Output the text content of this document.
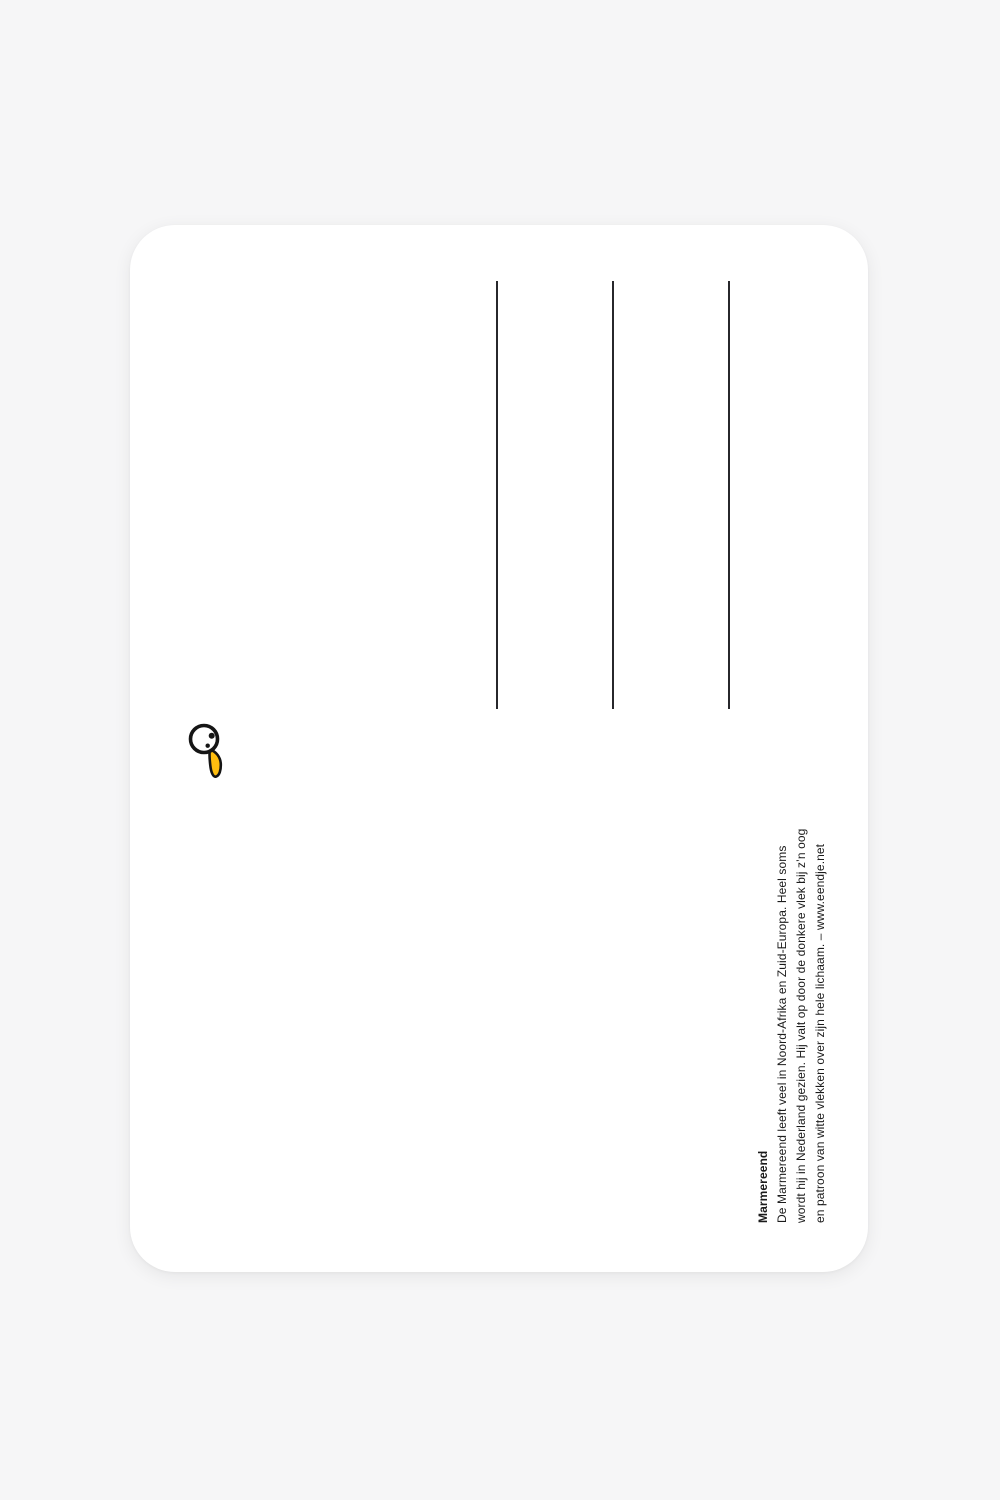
Marmereend De Marmereend leeft veel in Noord-Afrika en Zuid-Europa. Heel soms wordt hij in Nederland gezien. Hij valt op door de donkere vlek bij z’n oog en patroon van witte vlekken over zijn hele lichaam. – www.eendje.net
